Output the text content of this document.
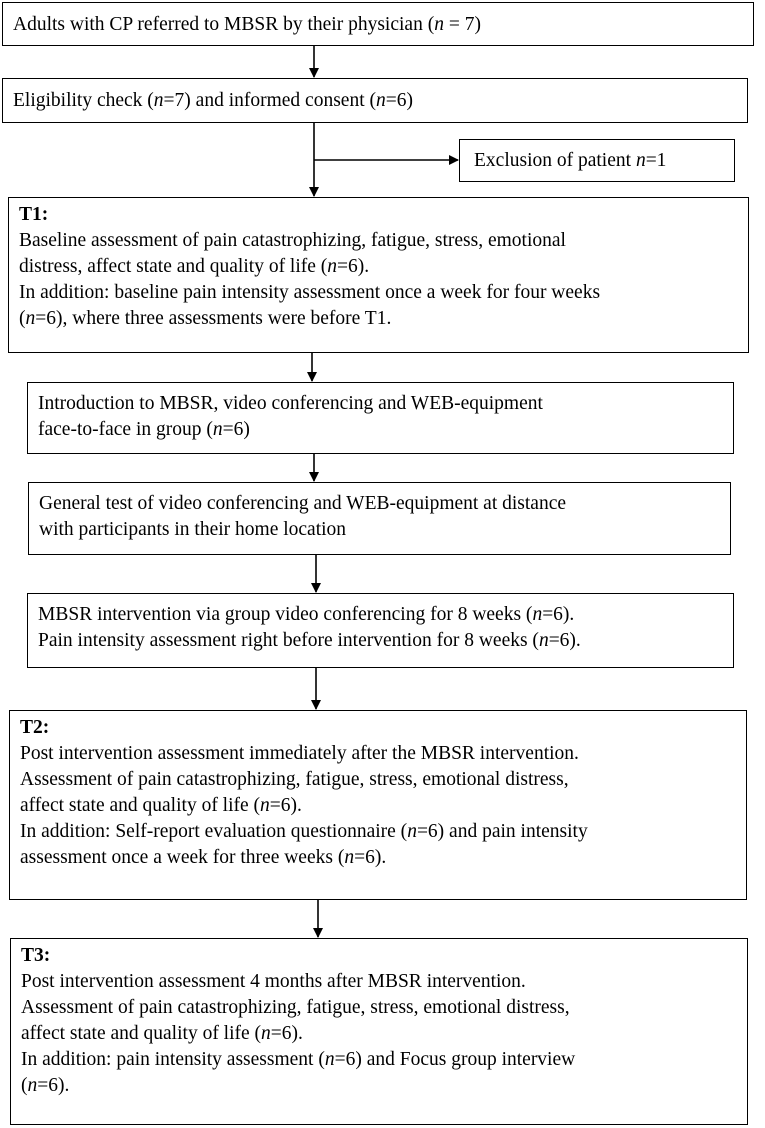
Adults with CP referred to MBSR by their physician (n = 7)
Eligibility check (n=7) and informed consent (n=6)
Exclusion of patient n=1
T1:
Baseline assessment of pain catastrophizing, fatigue, stress, emotional
distress, affect state and quality of life (n=6).
In addition: baseline pain intensity assessment once a week for four weeks
(n=6), where three assessments were before T1.
Introduction to MBSR, video conferencing and WEB-equipment
face-to-face in group (n=6)
General test of video conferencing and WEB-equipment at distance
with participants in their home location
MBSR intervention via group video conferencing for 8 weeks (n=6).
Pain intensity assessment right before intervention for 8 weeks (n=6).
T2:
Post intervention assessment immediately after the MBSR intervention.
Assessment of pain catastrophizing, fatigue, stress, emotional distress,
affect state and quality of life (n=6).
In addition: Self-report evaluation questionnaire (n=6) and pain intensity
assessment once a week for three weeks (n=6).
T3:
Post intervention assessment 4 months after MBSR intervention.
Assessment of pain catastrophizing, fatigue, stress, emotional distress,
affect state and quality of life (n=6).
In addition: pain intensity assessment (n=6) and Focus group interview
(n=6).
